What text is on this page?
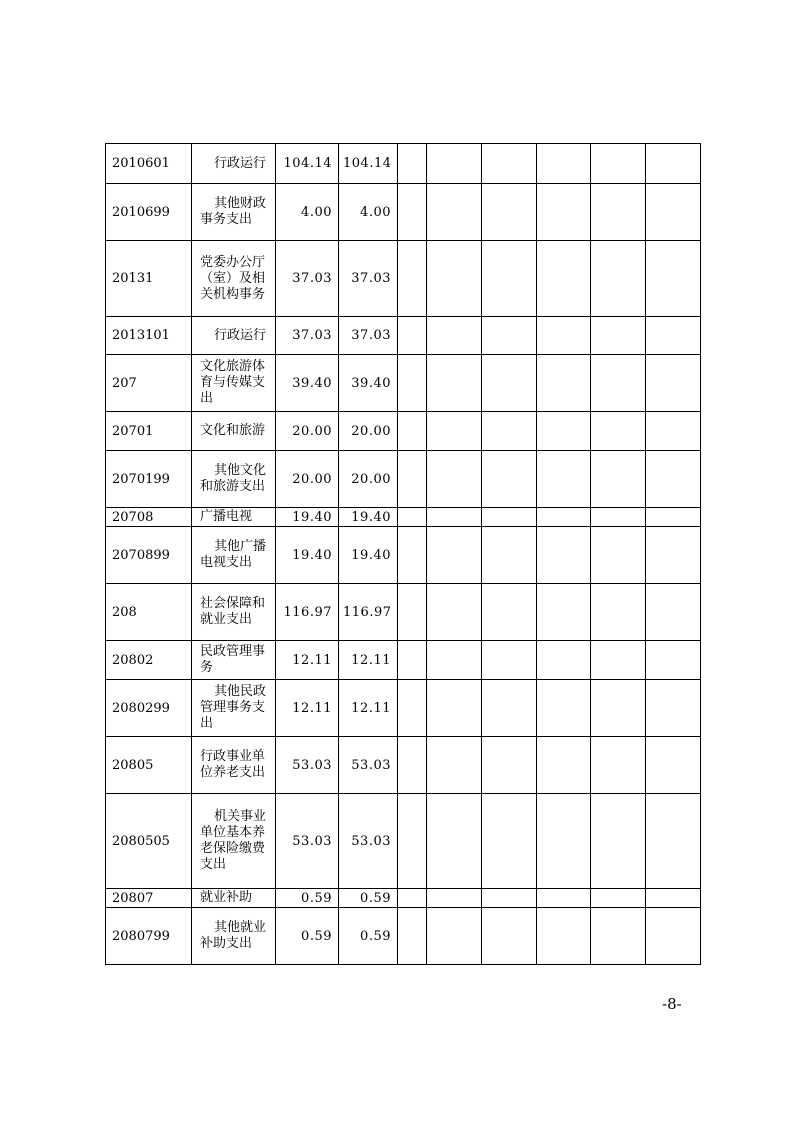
2010601	行政运行	104.14	104.14						
2010699	其他财政事务支出	4.00	4.00						
20131	党委办公厅（室）及相关机构事务	37.03	37.03						
2013101	行政运行	37.03	37.03						
207	文化旅游体育与传媒支出	39.40	39.40						
20701	文化和旅游	20.00	20.00						
2070199	其他文化和旅游支出	20.00	20.00						
20708	广播电视	19.40	19.40						
2070899	其他广播电视支出	19.40	19.40						
208	社会保障和就业支出	116.97	116.97						
20802	民政管理事务	12.11	12.11						
2080299	其他民政管理事务支出	12.11	12.11						
20805	行政事业单位养老支出	53.03	53.03						
2080505	机关事业单位基本养老保险缴费支出	53.03	53.03						
20807	就业补助	0.59	0.59						
2080799	其他就业补助支出	0.59	0.59						
-8-
